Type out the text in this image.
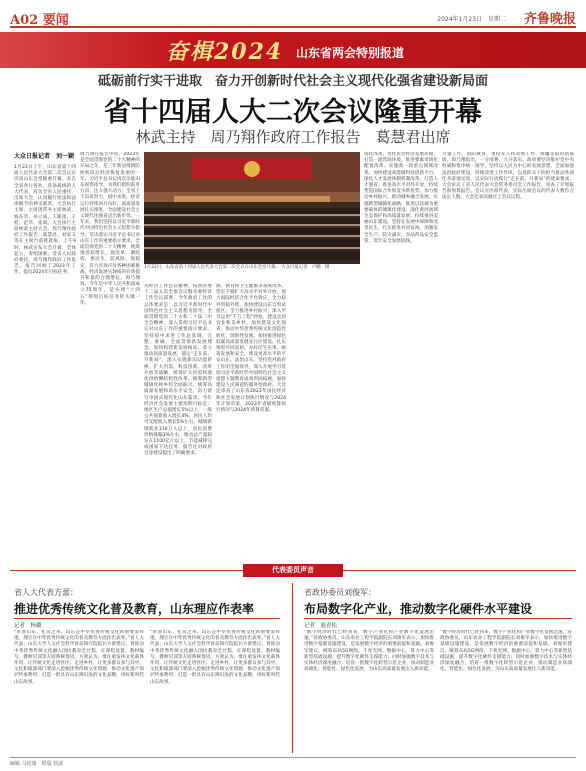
A02 要闻	2024年1月23日　星期二 齐鲁晚报
奋楫2024 山东省两会特别报道
砥砺前行实干进取　奋力开创新时代社会主义现代化强省建设新局面
省十四届人大二次会议隆重开幕
林武主持　周乃翔作政府工作报告　葛慧君出席
大众日报记者　刘一颖
1月22日上午，山东省第十四届人民代表大会第二次会议在济南山东会堂隆重开幕。来自全省各行各业、各条战线的人大代表，肩负全省人民重托，出席大会，认真履行宪法和法律赋予的神圣职责。大会执行主席、主席团常务主席林武，杨东奇、孙立成、王随莲、王桂、范华、张斌、大会执行主席林武主持大会。周乃翔作政府工作报告。葛慧君、刘家义等在主席台前排就座。上午9时，林武宣布大会开幕，全体起立，奏唱国歌。受省人民政府委托，周乃翔作政府工作报告。报告回顾了2023年工作，提出2024年目标任务。
周乃翔在报告中说，2023年是全面贯彻党的二十大精神的开局之年，是三年新冠疫情防控转段后经济恢复发展的一年。习近平总书记再次亲临山东视察指导，为我们指明前进方向、注入强大动力。全省上下奋发努力，稳中求进，经济运行持续回升向好，高质量发展扎实推进，全面建设社会主义现代化强省迈出新步伐。一年来，我们坚持以习近平新时代中国特色社会主义思想为指导，坚决落实习近平总书记对山东工作的重要指示要求，全面贯彻党的二十大精神，统筹推进稳增长、促改革、调结构、惠民生、防风险、保稳定，有力有效应对各种困难挑战，经济发展实现质的有效提升和量的合理增长。周乃翔说，今年是中华人民共和国成立75周年，是实现“十四五”规划目标任务的关键一年。
1月22日，山东省第十四届人民代表大会第二次会议在山东会堂开幕。 大众日报记者　卢鹏　摄
央经济工作会议精神，按照省委十二届五次全体会议暨省委经济工作会议部署，今年政府工作的总体要求是：以习近平新时代中国特色社会主义思想为指导，全面贯彻党的二十大和二十届二中全会精神，深入贯彻习近平总书记对山东工作的重要指示要求，坚持稳中求进工作总基调，完整、准确、全面贯彻新发展理念，加快构建新发展格局，着力推动高质量发展，锚定“走在前、开新局”，深入实施新旧动能转换、扩大内需、科技创新、改革开放等战略，统筹扩大内需和深化供给侧结构性改革，统筹新型城镇化和乡村全面振兴，统筹高质量发展和高水平安全，奋力谱写中国式现代化山东篇章。今年经济社会发展主要预期目标是：地区生产总值增长5%以上，一般公共预算收入增长4%，居民人均可支配收入增长5%左右，城镇新增就业110万人以上，居民消费价格涨幅3%左右，粮食总产量稳定在1100亿斤以上，节能减排完成国家下达任务。报告还对政府自身建设提出了明确要求。
源、教育和卫生健康等领域改革。坚定不移扩大高水平对外开放。放大国际经济合作平台效应，全力稳外贸稳外资，加快建设山东自贸试验区。全力推进乡村振兴，深入学习运用“千万工程”经验，建设宜居宜业和美乡村。加快建设文化强省，推动中华优秀传统文化创造性转化、创新性发展。加快推进绿色低碳高质量发展先行区建设。扎实推进共同富裕，办好民生实事。统筹发展和安全，建设更高水平的平安山东、法治山东。坚持党对政府工作的全面领导，深入开展学习贯彻习近平新时代中国特色社会主义思想主题教育成果巩固拓展，加快建设人民满意的服务型政府。大会还审查了山东省2023年国民经济和社会发展计划执行情况与2024年计划草案，2023年省级预算执行情况与2024年预算草案。
场化改革，优化民营经济发展环境，打造一流营商环境。推进要素市场化配置改革。实施新一轮重点领域改革。加快建设高能级科技创新平台，深化人才发展体制机制改革，打造人才强省。推进高水平对外开放，持续塑造国际合作和竞争新优势。加力推动乡村振兴，推动城乡融合发展。实施新型城镇化战略，推进以县城为重要载体的城镇化建设。深化黄河流域生态保护和高质量发展，持续推进美丽山东建设。坚持在发展中保障和改善民生，扎实推进共同富裕。加强安全生产、防灾减灾、食品药品安全监管，筑牢安全发展防线。
力量工作，国防教育、退役军人和双拥工作、援疆等取得新成绩。周乃翔指出，一分部署，九分落实。政府要坚决维护党中央权威和集中统一领导，坚持以人民为中心的发展思想，全面加强法治政府建设，持续改进工作作风，以真抓实干的担当推动各项任务落地见效，以实际行动践行“走在前、开新局”的使命要求。大会审议了省人民代表大会常务委员会工作报告，审查了计划报告和预算报告。会议应出席代表，实际出席会议的代表人数符合法定人数。大会还表决通过了会议议程。
代表委员声音
省人大代表方蕾：
推进优秀传统文化普及教育，山东理应作表率
记者　杨璐
“好客山东、礼仪之邦，山东是中华优秀传统文化的重要发祥地，理应在中华优秀传统文化的普及教育方面作出表率。”省人大代表、山东大学人文社会科学青岛研究院院长方蕾建议，将推动中华优秀传统文化融入国民教育全过程，在课程设置、教材编写、教师培训等方面系统推进。方蕾认为，要注重发挥文化载体作用，让传统文化走进社区、走进乡村，让更多群众参与其中。文化和旅游部门要深入挖掘优秀传统文化资源，推动文化遗产保护传承利用，打造一批具有山东辨识度的文化品牌，讲好新时代山东故事。
“好客山东、礼仪之邦，山东是中华优秀传统文化的重要发祥地，理应在中华优秀传统文化的普及教育方面作出表率。”省人大代表、山东大学人文社会科学青岛研究院院长方蕾建议，将推动中华优秀传统文化融入国民教育全过程，在课程设置、教材编写、教师培训等方面系统推进。方蕾认为，要注重发挥文化载体作用，让传统文化走进社区、走进乡村，让更多群众参与其中。文化和旅游部门要深入挖掘优秀传统文化资源，推动文化遗产保护传承利用，打造一批具有山东辨识度的文化品牌，讲好新时代山东故事。
省政协委员刘俊军：
布局数字化产业，推动数字化硬件水平建设
记者　鹿青松
“数字经济时代已经到来，数字产业化和产业数字化发展迅速。”省政协委员、山东农业工程学院副院长刘俊军表示，加快推进数字基础设施建设，是发展数字经济的重要前提和基础。刘俊军建议，统筹布局5G网络、千兆光网、数据中心、算力中心等新型基础设施，提升数字化硬件支撑能力；同时加强数字技术与实体经济深度融合，培育一批数字化转型示范企业，推动制造业高端化、智能化、绿色化发展，为山东高质量发展注入新动能。
“数字经济时代已经到来，数字产业化和产业数字化发展迅速。”省政协委员、山东农业工程学院副院长刘俊军表示，加快推进数字基础设施建设，是发展数字经济的重要前提和基础。刘俊军建议，统筹布局5G网络、千兆光网、数据中心、算力中心等新型基础设施，提升数字化硬件支撑能力；同时加强数字技术与实体经济深度融合，培育一批数字化转型示范企业，推动制造业高端化、智能化、绿色化发展，为山东高质量发展注入新动能。
编辑 马绍康　组版 侯波
